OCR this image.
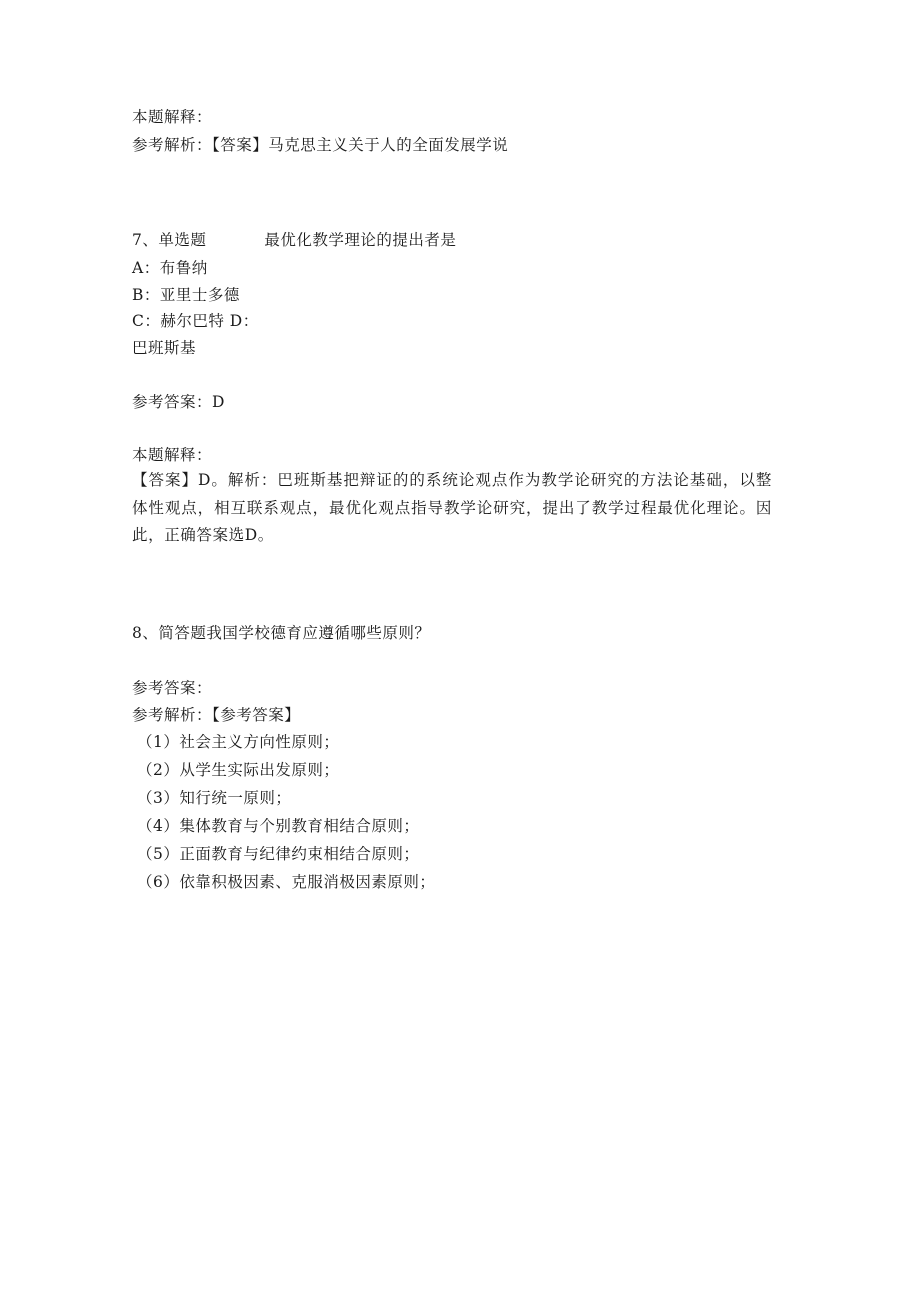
本题解释：
参考解析：【答案】马克思主义关于人的全面发展学说
7、单选题	最优化教学理论的提出者是
A：布鲁纳
B：亚里士多德
C：赫尔巴特 D：
巴班斯基
参考答案：D
本题解释：
【答案】D。解析：巴班斯基把辩证的的系统论观点作为教学论研究的方法论基础，以整体性观点，相互联系观点，最优化观点指导教学论研究，提出了教学过程最优化理论。因此，正确答案选D。
8、简答题我国学校德育应遵循哪些原则？
参考答案：
参考解析：【参考答案】
（1）社会主义方向性原则；
（2）从学生实际出发原则；
（3）知行统一原则；
（4）集体教育与个别教育相结合原则；
（5）正面教育与纪律约束相结合原则；
（6）依靠积极因素、克服消极因素原则；
